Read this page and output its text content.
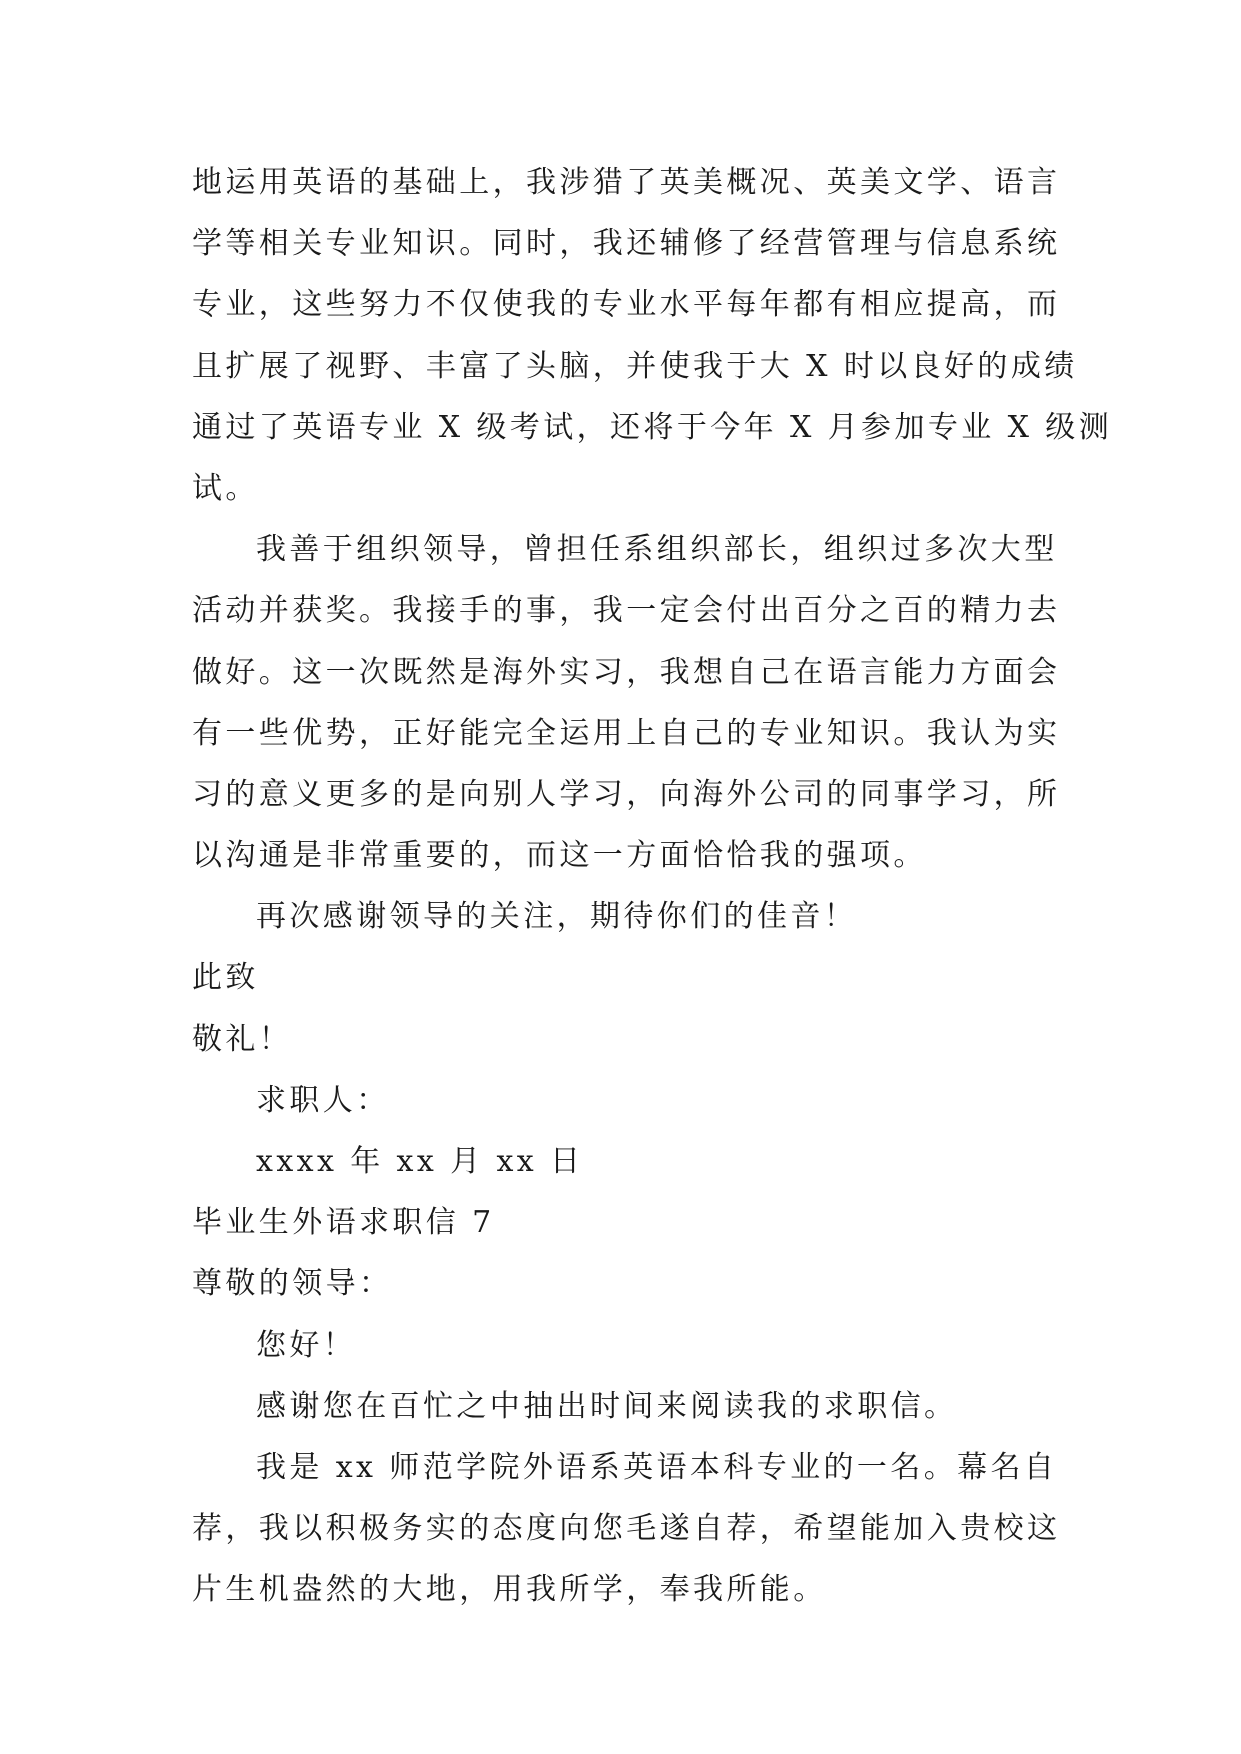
地运用英语的基础上，我涉猎了英美概况、英美文学、语言
学等相关专业知识。同时，我还辅修了经营管理与信息系统
专业，这些努力不仅使我的专业水平每年都有相应提高，而
且扩展了视野、丰富了头脑，并使我于大 X 时以良好的成绩
通过了英语专业 X 级考试，还将于今年 X 月参加专业 X 级测
试。
我善于组织领导，曾担任系组织部长，组织过多次大型
活动并获奖。我接手的事，我一定会付出百分之百的精力去
做好。这一次既然是海外实习，我想自己在语言能力方面会
有一些优势，正好能完全运用上自己的专业知识。我认为实
习的意义更多的是向别人学习，向海外公司的同事学习，所
以沟通是非常重要的，而这一方面恰恰我的强项。
再次感谢领导的关注，期待你们的佳音！
此致
敬礼！
求职人：
xxxx 年 xx 月 xx 日
毕业生外语求职信 7
尊敬的领导：
您好！
感谢您在百忙之中抽出时间来阅读我的求职信。
我是 xx 师范学院外语系英语本科专业的一名。幕名自
荐，我以积极务实的态度向您毛遂自荐，希望能加入贵校这
片生机盎然的大地，用我所学，奉我所能。
